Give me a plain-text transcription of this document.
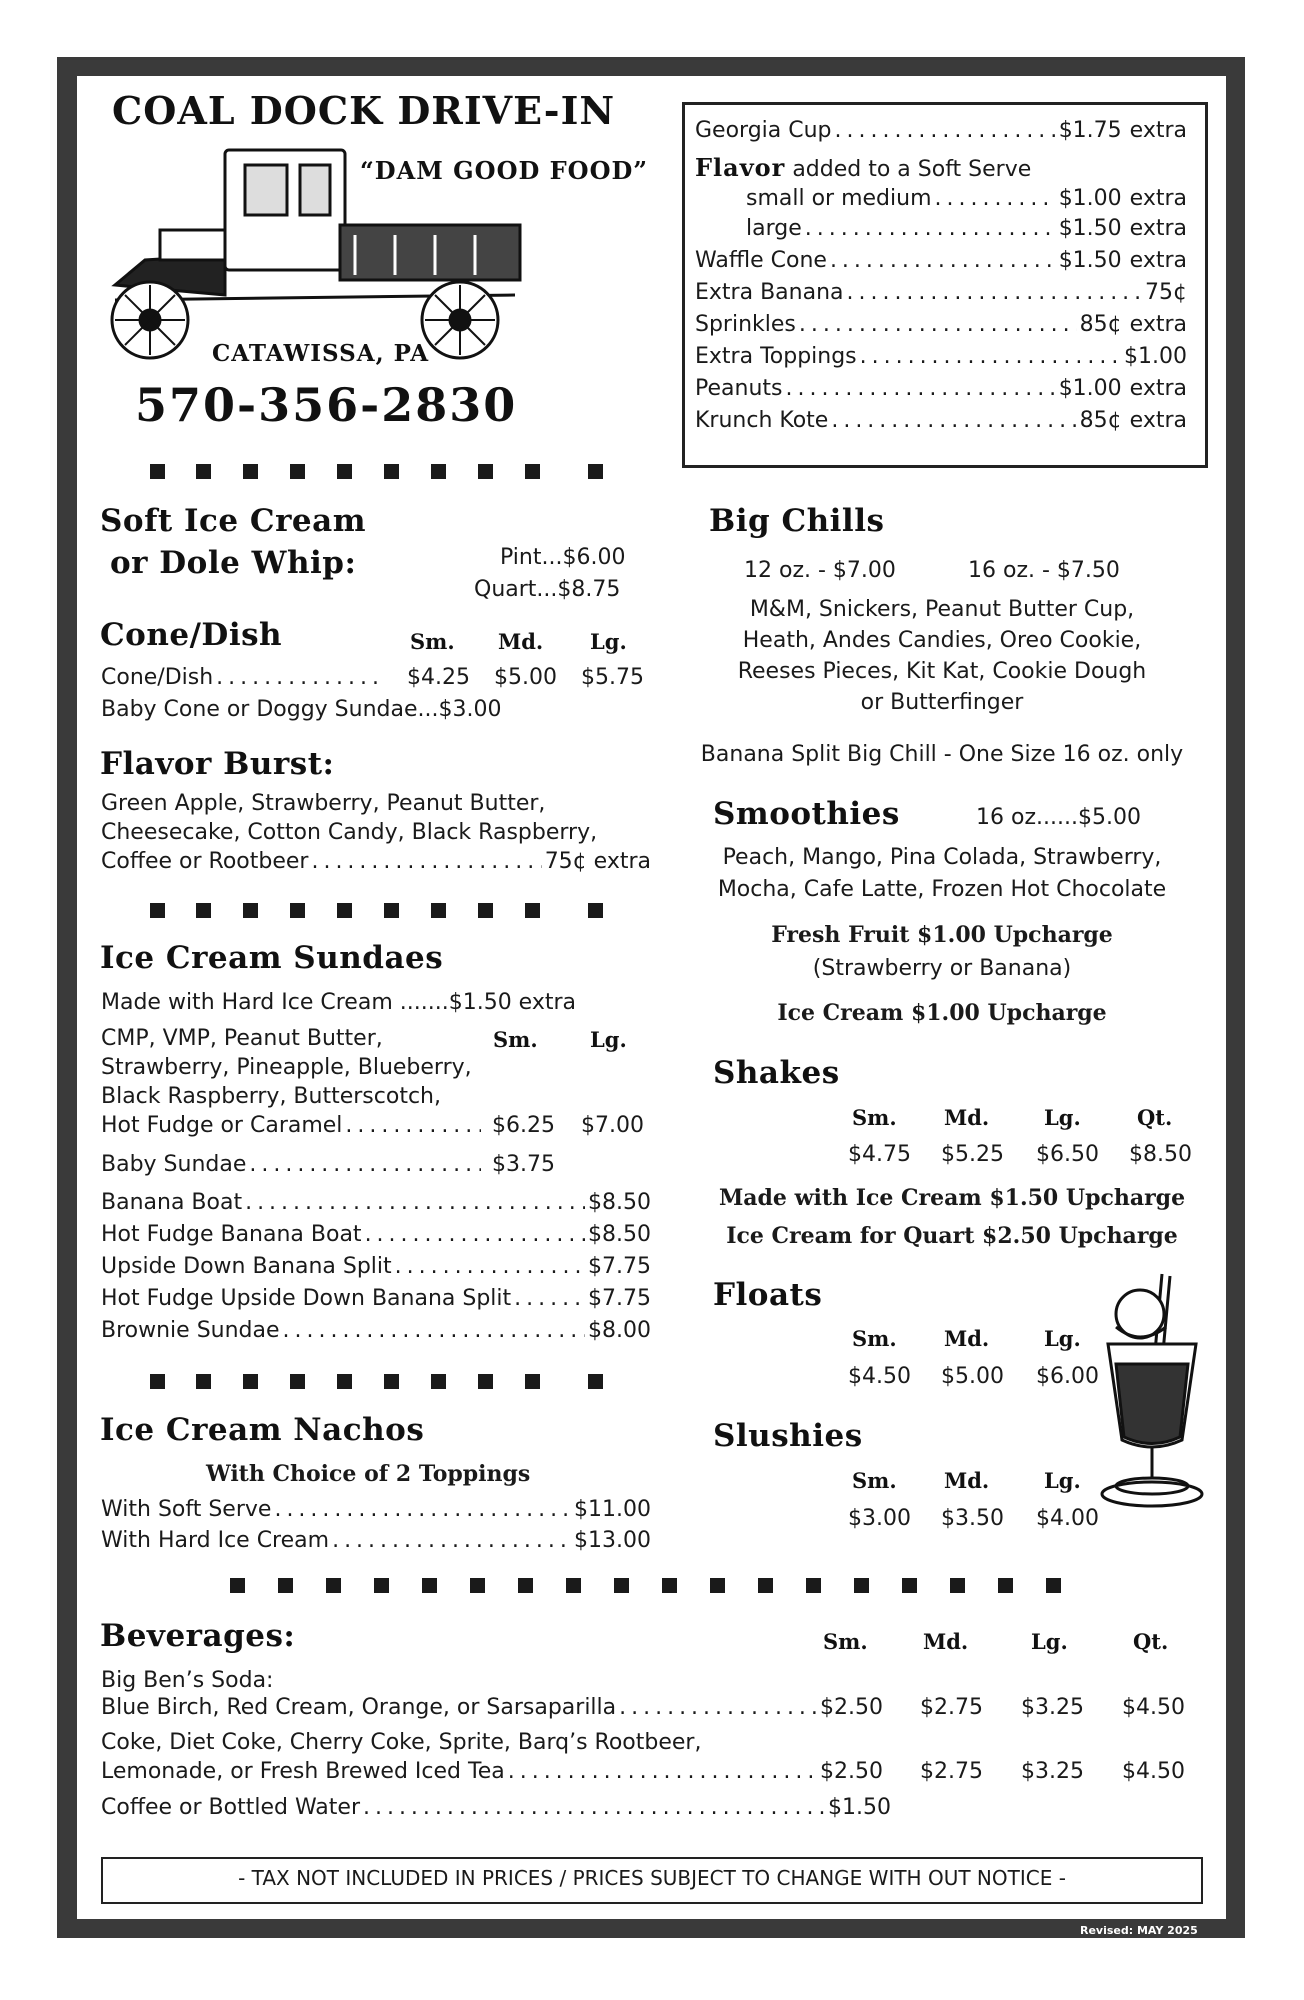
COAL DOCK DRIVE-IN
“DAM GOOD FOOD”
CATAWISSA, PA
570-356-2830
Georgia Cup . . .	$1.75 extra
Flavor added to a Soft Serve
small or medium . . .	$1.00 extra
large . . .	$1.50 extra
Waffle Cone . . .	$1.50 extra
Extra Banana . . .	75¢
Sprinkles . . .	85¢ extra
Extra Toppings . . .	$1.00
Peanuts . . .	$1.00 extra
Krunch Kote . . .	85¢ extra
Soft Ice Cream
or Dole Whip:	Pint...$6.00
Quart...$8.75
Cone/Dish	Sm. Md. Lg.
Cone/Dish . . .	$4.25 $5.00 $5.75
Baby Cone or Doggy Sundae...$3.00
Flavor Burst:
Green Apple, Strawberry, Peanut Butter,
Cheesecake, Cotton Candy, Black Raspberry,
Coffee or Rootbeer . . .	75¢ extra
Ice Cream Sundaes
Made with Hard Ice Cream .......$1.50 extra
Sm. Lg.
CMP, VMP, Peanut Butter,
Strawberry, Pineapple, Blueberry,
Black Raspberry, Butterscotch,
Hot Fudge or Caramel . . .	$6.25 $7.00
Baby Sundae . . .	$3.75
Banana Boat . . .	$8.50
Hot Fudge Banana Boat . . .	$8.50
Upside Down Banana Split . . .	$7.75
Hot Fudge Upside Down Banana Split . . .	$7.75
Brownie Sundae . . .	$8.00
Ice Cream Nachos
With Choice of 2 Toppings
With Soft Serve . . .	$11.00
With Hard Ice Cream . . .	$13.00
Big Chills
12 oz. - $7.00	16 oz. - $7.50
M&M, Snickers, Peanut Butter Cup,
Heath, Andes Candies, Oreo Cookie,
Reeses Pieces, Kit Kat, Cookie Dough
or Butterfinger
Banana Split Big Chill - One Size 16 oz. only
Smoothies	16 oz......$5.00
Peach, Mango, Pina Colada, Strawberry,
Mocha, Cafe Latte, Frozen Hot Chocolate
Fresh Fruit $1.00 Upcharge
(Strawberry or Banana)
Ice Cream $1.00 Upcharge
Shakes
Sm. Md.	Lg.	Qt.
$4.75 $5.25 $6.50 $8.50
Made with Ice Cream $1.50 Upcharge
Ice Cream for Quart $2.50 Upcharge
Floats
Sm. Md.	Lg.
$4.50 $5.00 $6.00
Slushies
Sm. Md.	Lg.
$3.00 $3.50 $4.00
Beverages:	Sm.	Md.	Lg.	Qt.
Big Ben’s Soda:
Blue Birch, Red Cream, Orange, or Sarsaparilla . . .	$2.50 $2.75 $3.25 $4.50
Coke, Diet Coke, Cherry Coke, Sprite, Barq’s Rootbeer,
Lemonade, or Fresh Brewed Iced Tea . . .	$2.50 $2.75 $3.25 $4.50
Coffee or Bottled Water . . .	$1.50
- TAX NOT INCLUDED IN PRICES / PRICES SUBJECT TO CHANGE WITH OUT NOTICE -
Revised: MAY 2025
